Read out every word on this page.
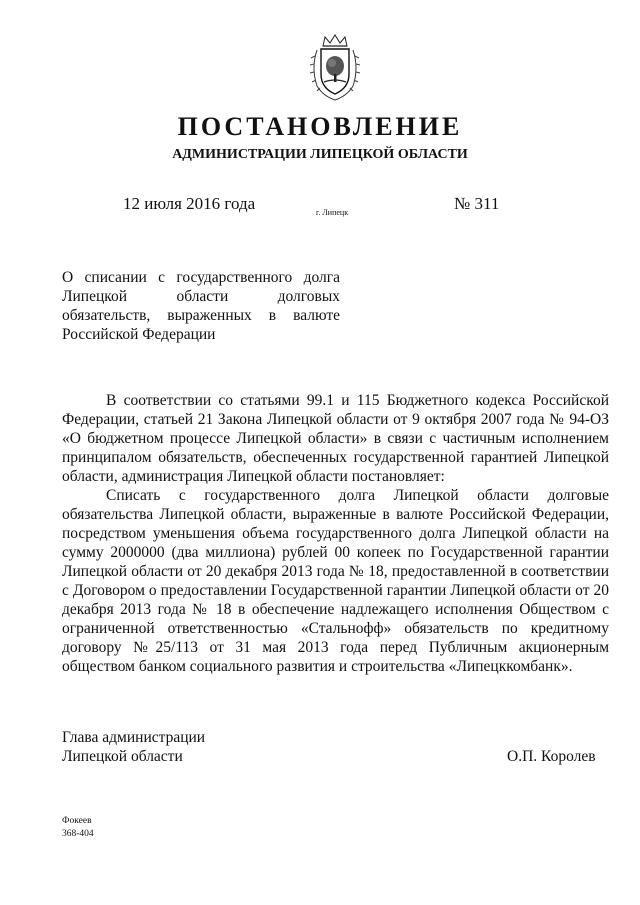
ПОСТАНОВЛЕНИЕ
АДМИНИСТРАЦИИ ЛИПЕЦКОЙ ОБЛАСТИ
12 июля 2016 года	г. Липецк	№ 311
О списании с государственного долга Липецкой области долговых обязательств, выраженных в валюте Российской Федерации

В соответствии со статьями 99.1 и 115 Бюджетного кодекса Российской Федерации, статьей 21 Закона Липецкой области от 9 октября 2007 года № 94-ОЗ «О бюджетном процессе Липецкой области» в связи с частичным исполнением принципалом обязательств, обеспеченных государственной гарантией Липецкой области, администрация Липецкой области постановляет:

Списать с государственного долга Липецкой области долговые обязательства Липецкой области, выраженные в валюте Российской Федерации, посредством уменьшения объема государственного долга Липецкой области на сумму 2000000 (два миллиона) рублей 00 копеек по Государственной гарантии Липецкой области от 20 декабря 2013 года № 18, предоставленной в соответствии с Договором о предоставлении Государственной гарантии Липецкой области от 20 декабря 2013 года № 18 в обеспечение надлежащего исполнения Обществом с ограниченной ответственностью «Стальнофф» обязательств по кредитному договору №25/113 от 31 мая 2013 года перед Публичным акционерным обществом банком социального развития и строительства «Липецккомбанк».

Глава администрации
Липецкой области	О.П. Королев
Фокеев
368-404
